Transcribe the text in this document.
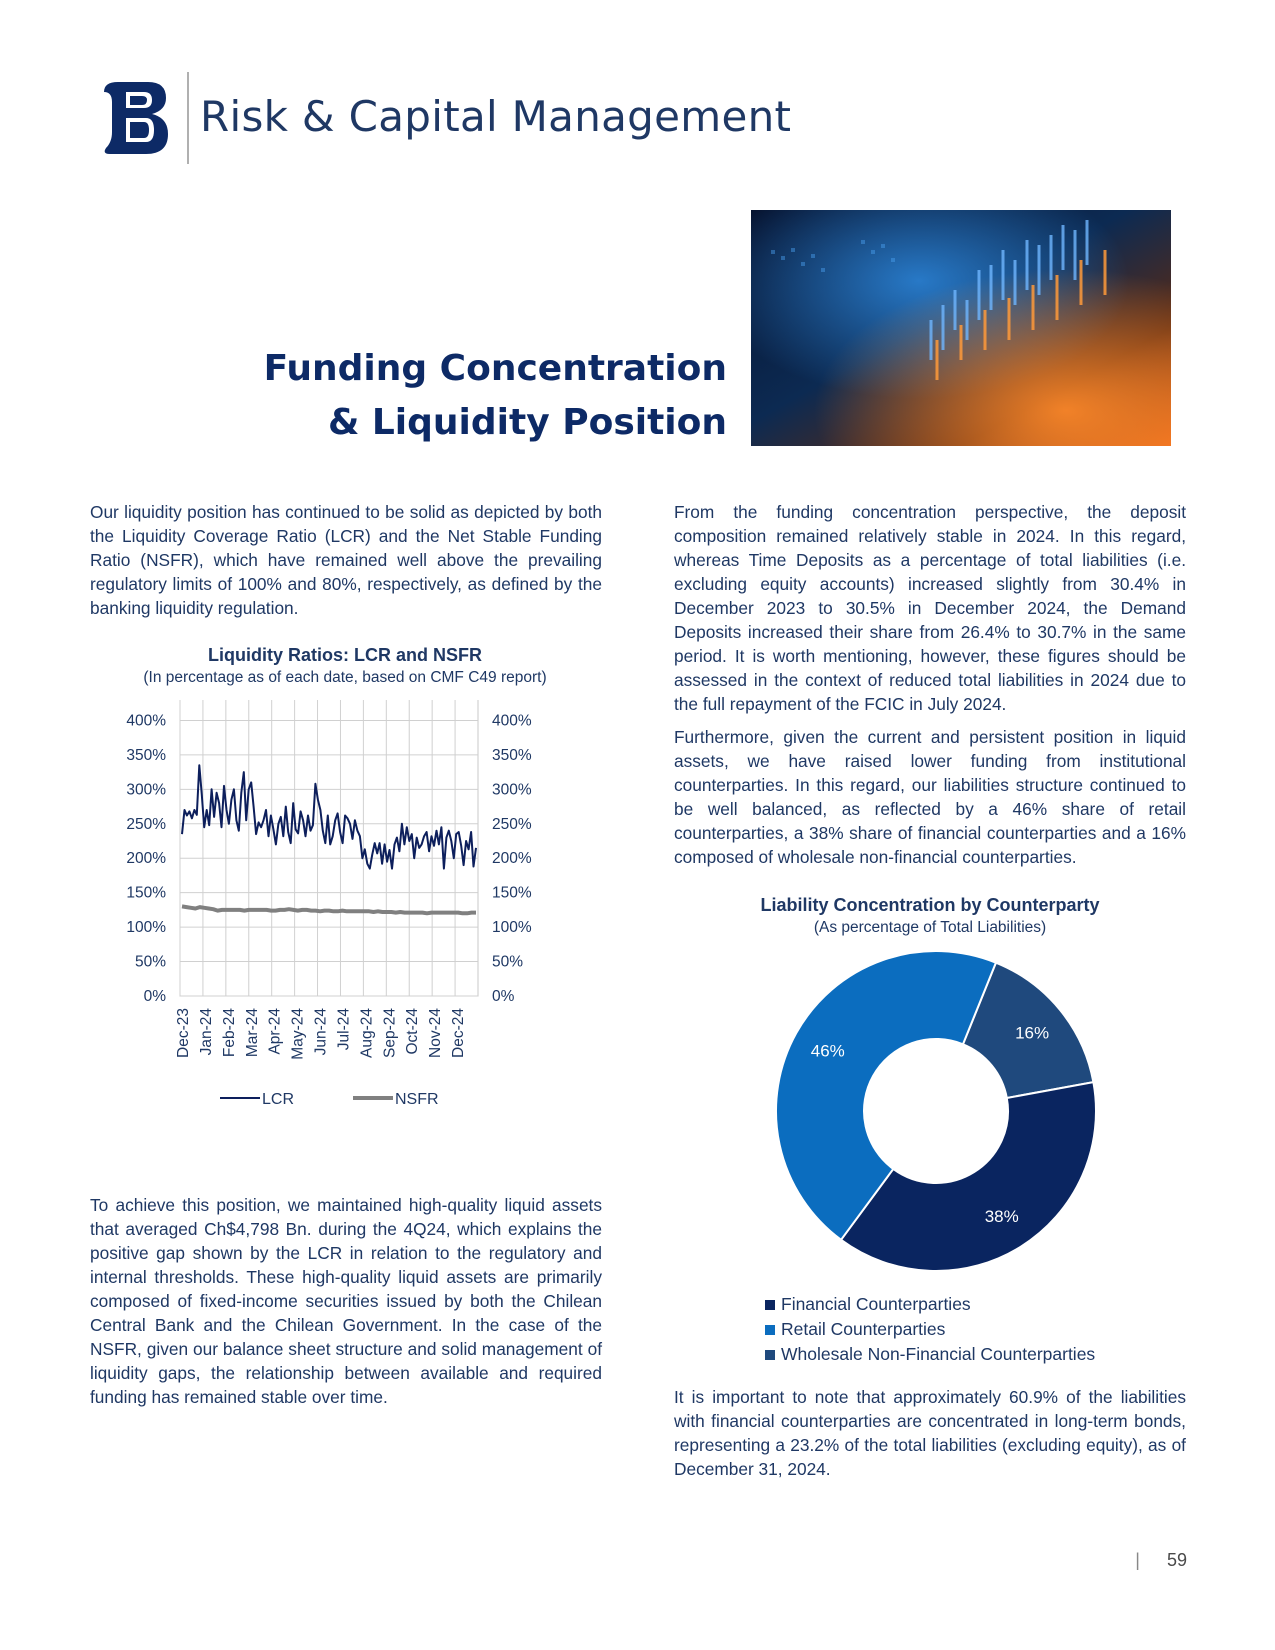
Risk & Capital Management
Funding Concentration
& Liquidity Position

Our liquidity position has continued to be solid as depicted by both the Liquidity Coverage Ratio (LCR) and the Net Stable Funding Ratio (NSFR), which have remained well above the prevailing regulatory limits of 100% and 80%, respectively, as defined by the banking liquidity regulation.

Liquidity Ratios: LCR and NSFR
(In percentage as of each date, based on CMF C49 report)
0%	0%
50%	50%
100%	100%
150%	150%
200%	200%
250%	250%
300%	300%
350%	350%
400%	400%
Dec-23 Jan-24 Feb-24 Mar-24 Apr-24 May-24 Jun-24 Jul-24 Aug-24 Sep-24 Oct-24 Nov-24 Dec-24
LCR	NSFR

To achieve this position, we maintained high-quality liquid assets that averaged Ch$4,798 Bn. during the 4Q24, which explains the positive gap shown by the LCR in relation to the regulatory and internal thresholds. These high-quality liquid assets are primarily composed of fixed-income securities issued by both the Chilean Central Bank and the Chilean Government. In the case of the NSFR, given our balance sheet structure and solid management of liquidity gaps, the relationship between available and required funding has remained stable over time.

From the funding concentration perspective, the deposit composition remained relatively stable in 2024. In this regard, whereas Time Deposits as a percentage of total liabilities (i.e. excluding equity accounts) increased slightly from 30.4% in December 2023 to 30.5% in December 2024, the Demand Deposits increased their share from 26.4% to 30.7% in the same period. It is worth mentioning, however, these figures should be assessed in the context of reduced total liabilities in 2024 due to the full repayment of the FCIC in July 2024.

Furthermore, given the current and persistent position in liquid assets, we have raised lower funding from institutional counterparties. In this regard, our liabilities structure continued to be well balanced, as reflected by a 46% share of retail counterparties, a 38% share of financial counterparties and a 16% composed of wholesale non-financial counterparties.

Liability Concentration by Counterparty
(As percentage of Total Liabilities)
16%
38%
46%
Financial Counterparties
Retail Counterparties
Wholesale Non-Financial Counterparties

It is important to note that approximately 60.9% of the liabilities with financial counterparties are concentrated in long-term bonds, representing a 23.2% of the total liabilities (excluding equity), as of December 31, 2024.

| 59
